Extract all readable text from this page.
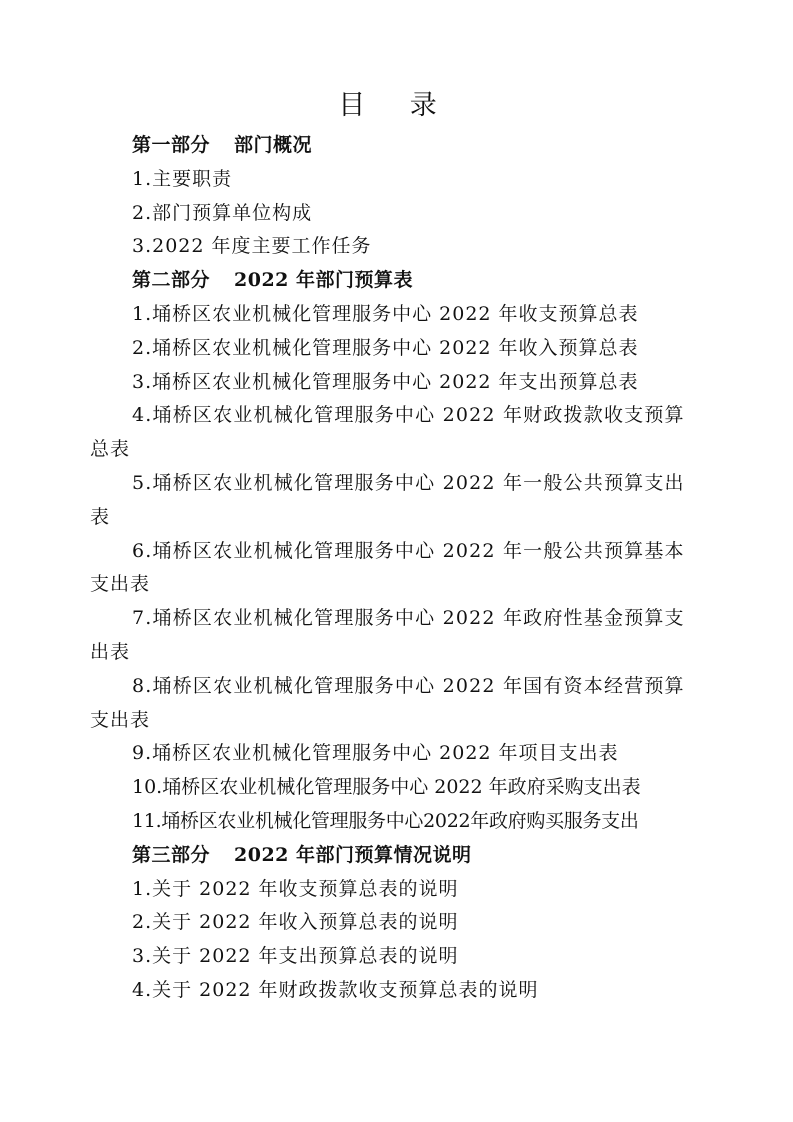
目 录
第一部分 部门概况
1.主要职责
2.部门预算单位构成
3.2022 年度主要工作任务
第二部分 2022 年部门预算表
1.埇桥区农业机械化管理服务中心 2022 年收支预算总表
2.埇桥区农业机械化管理服务中心 2022 年收入预算总表
3.埇桥区农业机械化管理服务中心 2022 年支出预算总表
4.埇桥区农业机械化管理服务中心 2022 年财政拨款收支预算
总表
5.埇桥区农业机械化管理服务中心 2022 年一般公共预算支出
表
6.埇桥区农业机械化管理服务中心 2022 年一般公共预算基本
支出表
7.埇桥区农业机械化管理服务中心 2022 年政府性基金预算支
出表
8.埇桥区农业机械化管理服务中心 2022 年国有资本经营预算
支出表
9.埇桥区农业机械化管理服务中心 2022 年项目支出表
10.埇桥区农业机械化管理服务中心 2022 年政府采购支出表
11.埇桥区农业机械化管理服务中心2022年政府购买服务支出
第三部分 2022 年部门预算情况说明
1.关于 2022 年收支预算总表的说明
2.关于 2022 年收入预算总表的说明
3.关于 2022 年支出预算总表的说明
4.关于 2022 年财政拨款收支预算总表的说明
